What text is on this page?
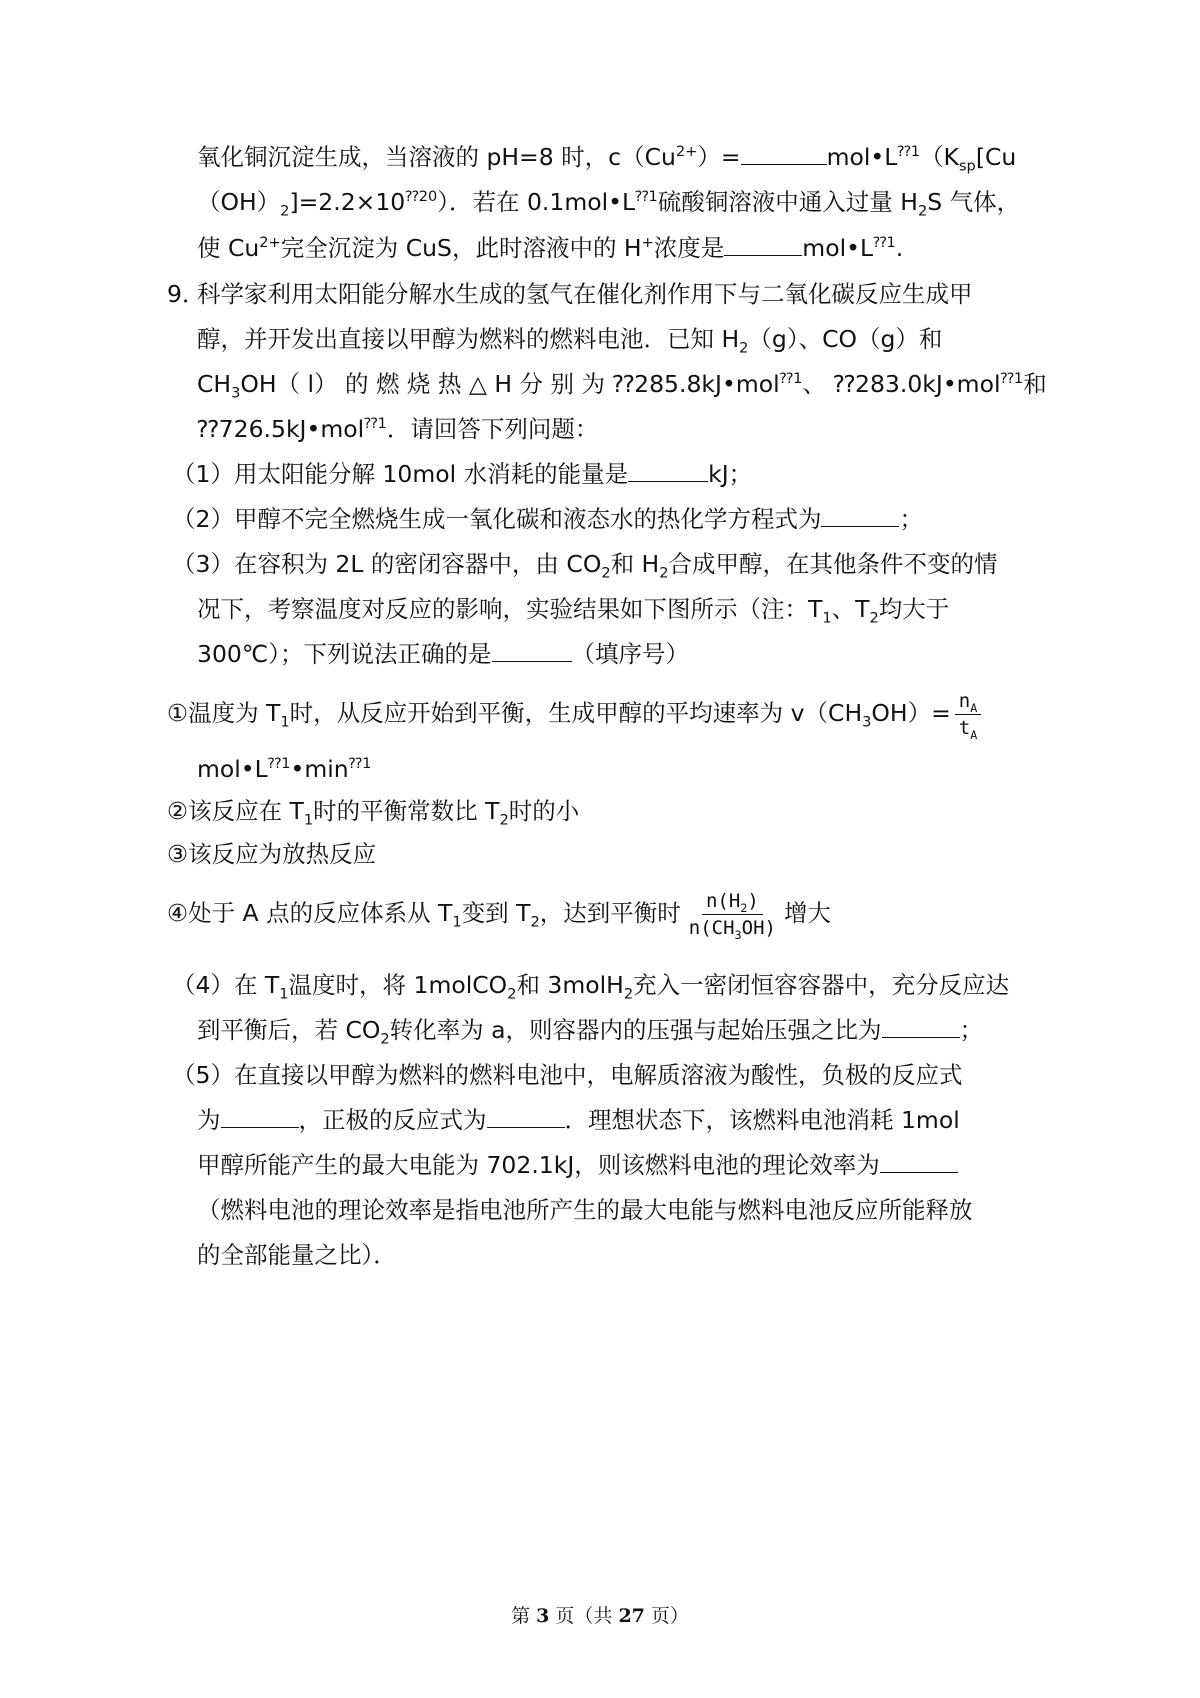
氧化铜沉淀生成，当溶液的 pH=8 时，$c(Cu^{2+})=$	$mol•L^{⁇1}(K_{sp}[Cu$
$(OH)_2]=2.2\times 10^{⁇20}$）．若在 $0.1mol•L^{⁇1}$硫酸铜溶液中通入过量 $H_2S$ 气体，
使 $Cu^{2+}$完全沉淀为 CuS，此时溶液中的 H+浓度是	$mol•L^{⁇1}$.
9．
科学家利用太阳能分解水生成的氢气在催化剂作用下与二氧化碳反应生成甲
醇，并开发出直接以甲醇为燃料的燃料电池．已知 $H_2(g)$、CO（g）和
$CH_3OH$（ l） 的 燃 烧 热 △ H 分 别 为 ⁇285.8kJ•mol$^{⁇1}$、 ⁇283.0kJ•mol$^{⁇1}$和
⁇726.5kJ•mol$^{⁇1}$．请回答下列问题：
（1）用太阳能分解 10mol 水消耗的能量是	kJ；
（2）甲醇不完全燃烧生成一氧化碳和液态水的热化学方程式为	；
（3）在容积为 2L 的密闭容器中，由 $CO_2$和 $H_2$合成甲醇，在其他条件不变的情
况下，考察温度对反应的影响，实验结果如下图所示（注：$T_1$、$T_2$均大于
300℃）；下列说法正确的是	（填序号）
①温度为 $T_1$时，从反应开始到平衡，生成甲醇的平均速率为 $v(CH_3OH)= \frac{n_A}{t_A}$
$mol•L^{⁇1}•\min^{⁇1}$
②该反应在 $T_1$时的平衡常数比 $T_2$时的小
③该反应为放热反应
④处于 A 点的反应体系从 $T_1$变到 $T_2$，达到平衡时 $\frac{n(H_2)}{n(CH_3OH)}$ 增大
（4）在 $T_1$温度时，将 1molCO$_2$和 3molH$_2$充入一密闭恒容容器中，充分反应达
到平衡后，若 $CO_2$转化率为 a，则容器内的压强与起始压强之比为	；
（5）在直接以甲醇为燃料的燃料电池中，电解质溶液为酸性，负极的反应式
为	，正极的反应式为	．理想状态下，该燃料电池消耗 1mol
甲醇所能产生的最大电能为 702.1kJ，则该燃料电池的理论效率为
（燃料电池的理论效率是指电池所产生的最大电能与燃料电池反应所能释放
的全部能量之比）．
第 3 页（共 27 页）
